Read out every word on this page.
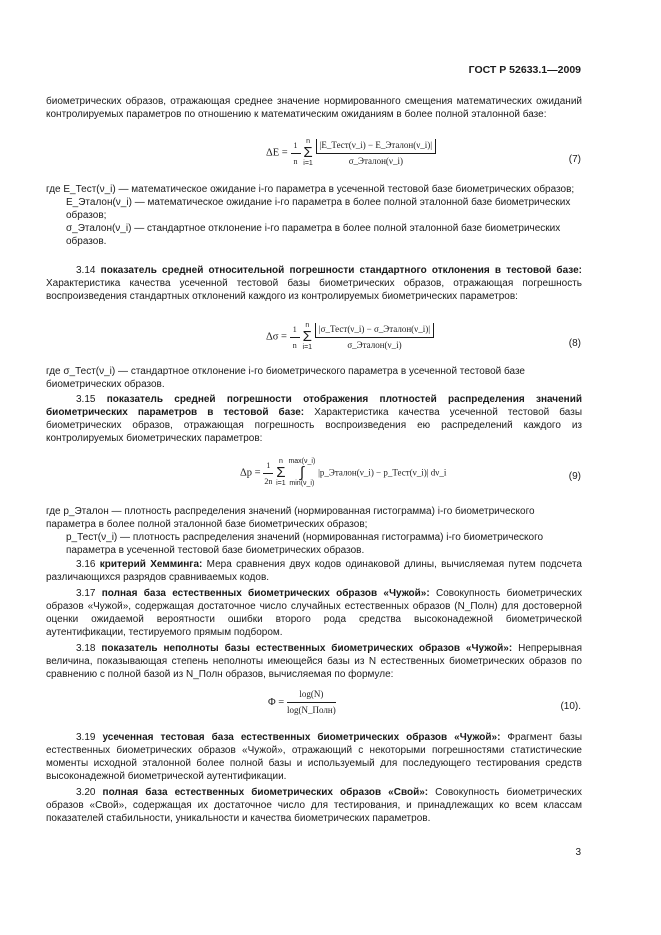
ГОСТ Р 52633.1—2009
биометрических образов, отражающая среднее значение нормированного смещения математических ожиданий контролируемых параметров по отношению к математическим ожиданиям в более полной эталонной базе:
$\Delta E = \frac{1}{n}$ n
Σ
$i=1 \frac{\text{|E\_Тест(ν\_i) − E\_Эталон(ν\_i)|}}{\text{σ\_Эталон(ν\_i)}}$	(7)
где E_Тест(ν_i) — математическое ожидание i-го параметра в усеченной тестовой базе биометрических образов;
E_Эталон(ν_i) — математическое ожидание i-го параметра в более полной эталонной базе биометрических образов;
σ_Эталон(ν_i) — стандартное отклонение i-го параметра в более полной эталонной базе биометрических образов.
3.14 показатель средней относительной погрешности стандартного отклонения в тестовой базе: Характеристика качества усеченной тестовой базы биометрических образов, отражающая погрешность воспроизведения стандартных отклонений каждого из контролируемых биометрических параметров:
$\Delta\sigma = \frac{1}{n}$ n
Σ
$i=1 \frac{\text{|σ\_Тест(ν\_i) − σ\_Эталон(ν\_i)|}}{\text{σ\_Эталон(ν\_i)}}$	(8)
где σ_Тест(ν_i) — стандартное отклонение i-го биометрического параметра в усеченной тестовой базе биометрических образов.
3.15 показатель средней погрешности отображения плотностей распределения значений биометрических параметров в тестовой базе: Характеристика качества усеченной тестовой базы биометрических образов, отражающая погрешность воспроизведения ею распределений каждого из контролируемых биометрических параметров:
$\Delta p = \frac{1}{2n}$ n
Σ
i=1 max(ν_i)
∫
min(ν_i) |p_Эталон(ν_i) − p_Тест(ν_i)| dν_i	(9)
где p_Эталон — плотность распределения значений (нормированная гистограмма) i-го биометрического параметра в более полной эталонной базе биометрических образов;
p_Тест(ν_i) — плотность распределения значений (нормированная гистограмма) i-го биометрического параметра в усеченной тестовой базе биометрических образов.
3.16 критерий Хемминга: Мера сравнения двух кодов одинаковой длины, вычисляемая путем подсчета различающихся разрядов сравниваемых кодов.
3.17 полная база естественных биометрических образов «Чужой»: Совокупность биометрических образов «Чужой», содержащая достаточное число случайных естественных образов (N_Полн) для достоверной оценки ожидаемой вероятности ошибки второго рода средства высоконадежной биометрической аутентификации, тестируемого прямым подбором.
3.18 показатель неполноты базы естественных биометрических образов «Чужой»: Непрерывная величина, показывающая степень неполноты имеющейся базы из N естественных биометрических образов по сравнению с полной базой из N_Полн образов, вычисляемая по формуле:
$\Phi = \frac{\log(N)}{\text{log(N\_Полн)}}$	(10).
3.19 усеченная тестовая база естественных биометрических образов «Чужой»: Фрагмент базы естественных биометрических образов «Чужой», отражающий с некоторыми погрешностями статистические моменты исходной эталонной более полной базы и используемый для последующего тестирования средств высоконадежной биометрической аутентификации.
3.20 полная база естественных биометрических образов «Свой»: Совокупность биометрических образов «Свой», содержащая их достаточное число для тестирования, и принадлежащих ко всем классам показателей стабильности, уникальности и качества биометрических параметров.
3
